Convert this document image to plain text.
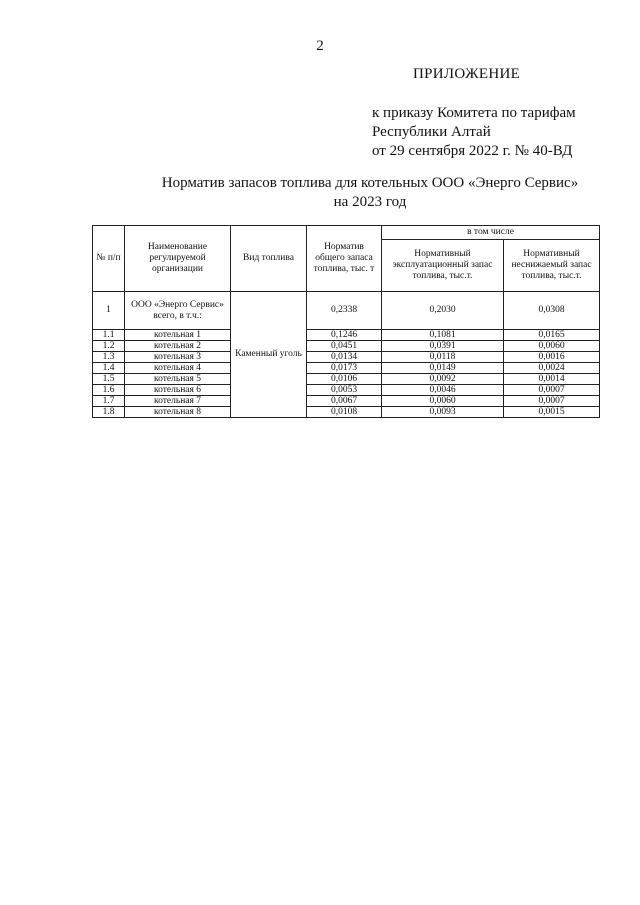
2
ПРИЛОЖЕНИЕ
к приказу Комитета по тарифам
Республики Алтай
от 29 сентября 2022 г. № 40-ВД
Норматив запасов топлива для котельных ООО «Энерго Сервис»
на 2023 год
№ п/п	Наименование регулируемой организации	Вид топлива	Норматив общего запаса топлива, тыс. т	в том числе	
				Нормативный эксплуатационный запас топлива, тыс.т.	Нормативный неснижаемый запас топлива, тыс.т.
1	ООО «Энерго Сервис» всего, в т.ч.:	Каменный уголь	0,2338	0,2030	0,0308
1.1	котельная 1		0,1246	0,1081	0,0165
1.2	котельная 2		0,0451	0,0391	0,0060
1.3	котельная 3		0,0134	0,0118	0,0016
1.4	котельная 4		0,0173	0,0149	0,0024
1.5	котельная 5		0,0106	0,0092	0,0014
1.6	котельная 6		0,0053	0,0046	0,0007
1.7	котельная 7		0,0067	0,0060	0,0007
1.8	котельная 8		0,0108	0,0093	0,0015
